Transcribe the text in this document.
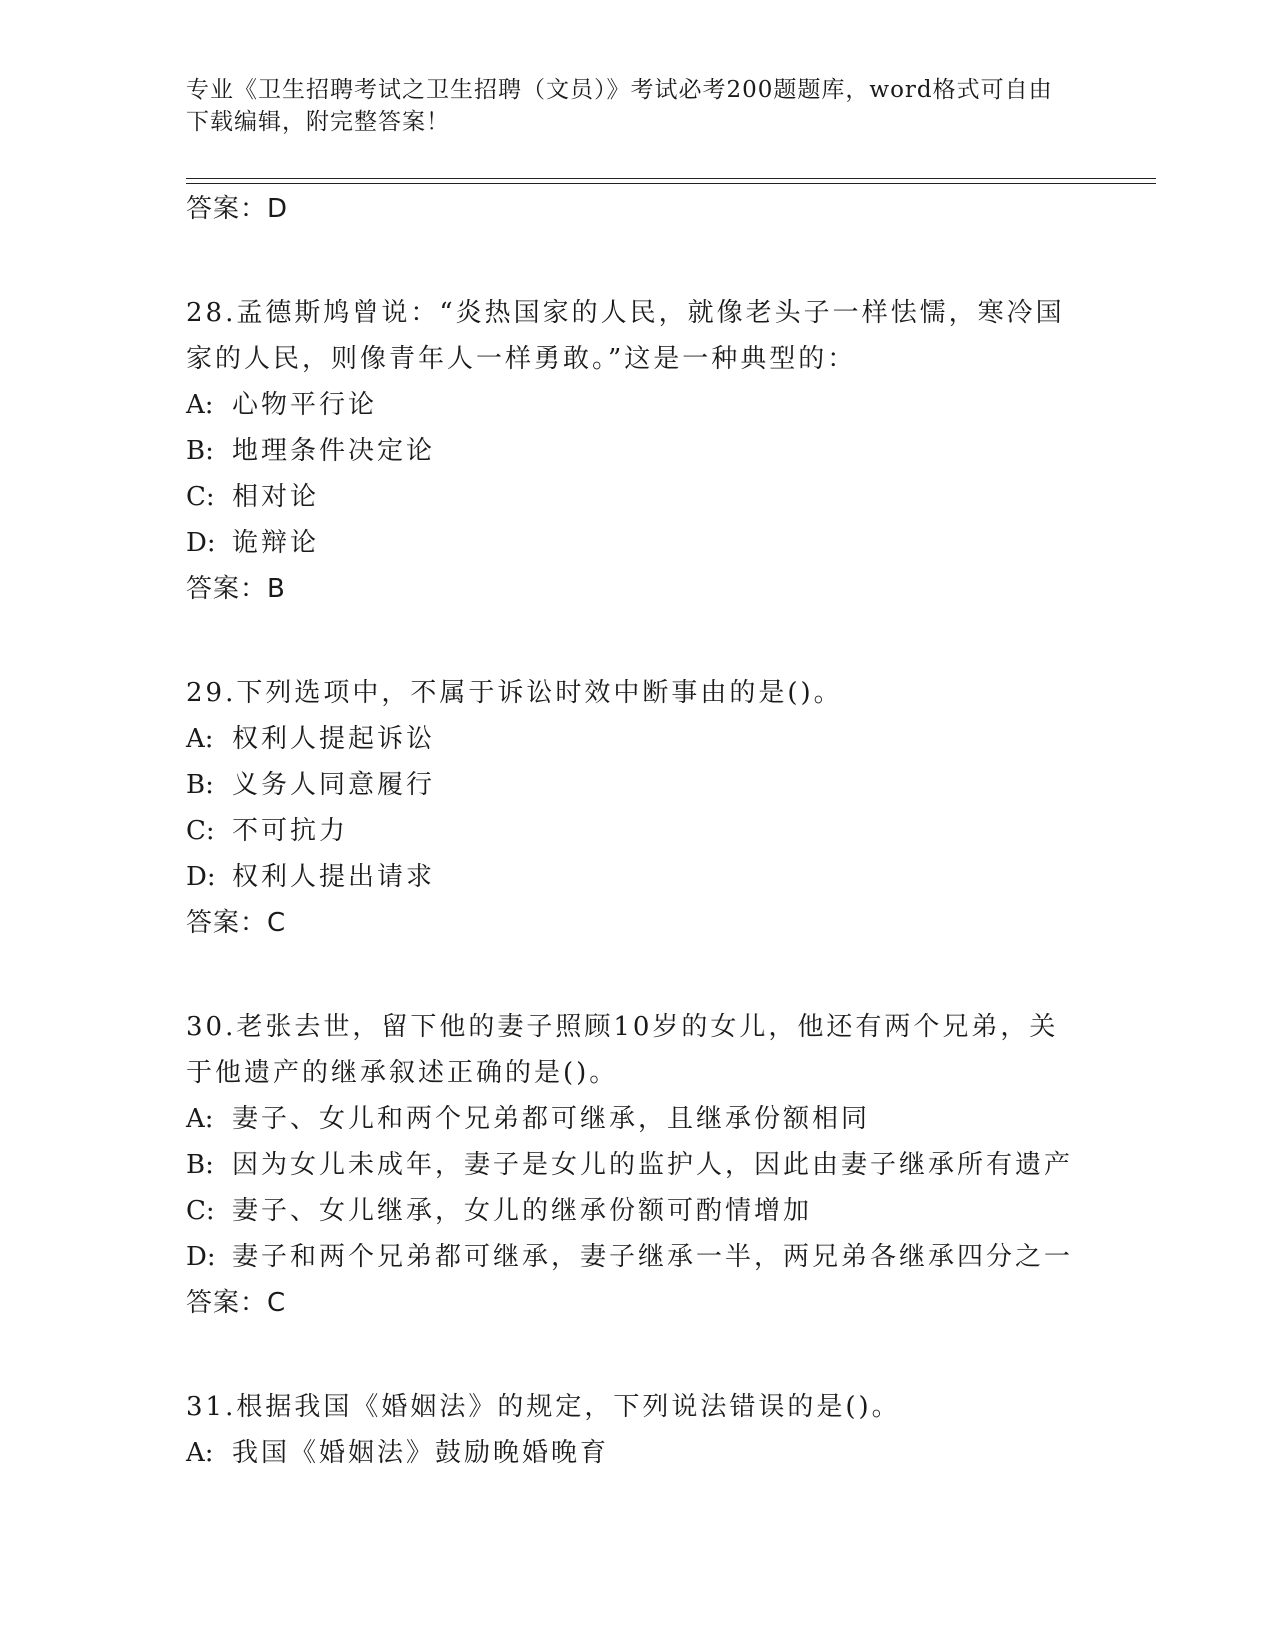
专业《卫生招聘考试之卫生招聘（文员）》考试必考200题题库，word格式可自由下载编辑，附完整答案！
答案：D
28.孟德斯鸠曾说：“炎热国家的人民，就像老头子一样怯懦，寒冷国家的人民，则像青年人一样勇敢。”这是一种典型的：
A: 心物平行论
B: 地理条件决定论
C: 相对论
D: 诡辩论
答案：B
29.下列选项中，不属于诉讼时效中断事由的是()。
A: 权利人提起诉讼
B: 义务人同意履行
C: 不可抗力
D: 权利人提出请求
答案：C
30.老张去世，留下他的妻子照顾10岁的女儿，他还有两个兄弟，关于他遗产的继承叙述正确的是()。
A: 妻子、女儿和两个兄弟都可继承，且继承份额相同
B: 因为女儿未成年，妻子是女儿的监护人，因此由妻子继承所有遗产
C: 妻子、女儿继承，女儿的继承份额可酌情增加
D: 妻子和两个兄弟都可继承，妻子继承一半，两兄弟各继承四分之一
答案：C
31.根据我国《婚姻法》的规定，下列说法错误的是()。
A: 我国《婚姻法》鼓励晚婚晚育
